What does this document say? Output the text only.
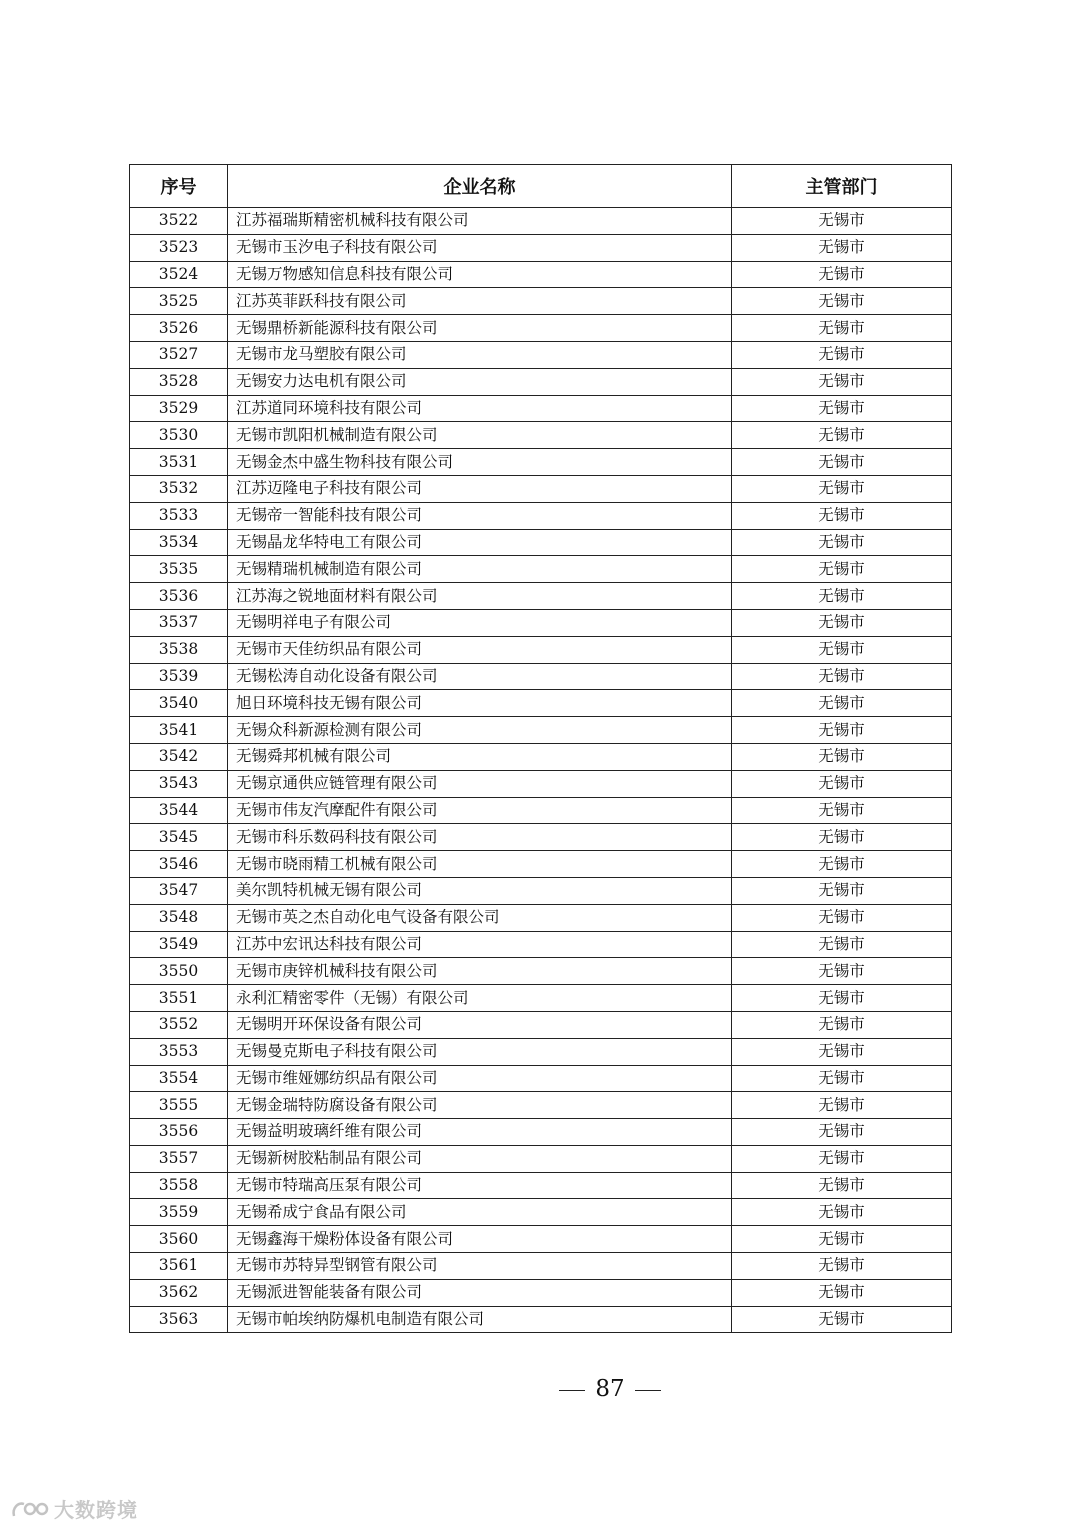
序号	企业名称	主管部门
3522	江苏福瑞斯精密机械科技有限公司	无锡市
3523	无锡市玉汐电子科技有限公司	无锡市
3524	无锡万物感知信息科技有限公司	无锡市
3525	江苏英菲跃科技有限公司	无锡市
3526	无锡鼎桥新能源科技有限公司	无锡市
3527	无锡市龙马塑胶有限公司	无锡市
3528	无锡安力达电机有限公司	无锡市
3529	江苏道同环境科技有限公司	无锡市
3530	无锡市凯阳机械制造有限公司	无锡市
3531	无锡金杰中盛生物科技有限公司	无锡市
3532	江苏迈隆电子科技有限公司	无锡市
3533	无锡帝一智能科技有限公司	无锡市
3534	无锡晶龙华特电工有限公司	无锡市
3535	无锡精瑞机械制造有限公司	无锡市
3536	江苏海之锐地面材料有限公司	无锡市
3537	无锡明祥电子有限公司	无锡市
3538	无锡市天佳纺织品有限公司	无锡市
3539	无锡松涛自动化设备有限公司	无锡市
3540	旭日环境科技无锡有限公司	无锡市
3541	无锡众科新源检测有限公司	无锡市
3542	无锡舜邦机械有限公司	无锡市
3543	无锡京通供应链管理有限公司	无锡市
3544	无锡市伟友汽摩配件有限公司	无锡市
3545	无锡市科乐数码科技有限公司	无锡市
3546	无锡市晓雨精工机械有限公司	无锡市
3547	美尔凯特机械无锡有限公司	无锡市
3548	无锡市英之杰自动化电气设备有限公司	无锡市
3549	江苏中宏讯达科技有限公司	无锡市
3550	无锡市庚锌机械科技有限公司	无锡市
3551	永利汇精密零件（无锡）有限公司	无锡市
3552	无锡明开环保设备有限公司	无锡市
3553	无锡曼克斯电子科技有限公司	无锡市
3554	无锡市维娅娜纺织品有限公司	无锡市
3555	无锡金瑞特防腐设备有限公司	无锡市
3556	无锡益明玻璃纤维有限公司	无锡市
3557	无锡新树胶粘制品有限公司	无锡市
3558	无锡市特瑞高压泵有限公司	无锡市
3559	无锡希成宁食品有限公司	无锡市
3560	无锡鑫海干燥粉体设备有限公司	无锡市
3561	无锡市苏特异型钢管有限公司	无锡市
3562	无锡派进智能装备有限公司	无锡市
3563	无锡市帕埃纳防爆机电制造有限公司	无锡市
87
大数跨境
